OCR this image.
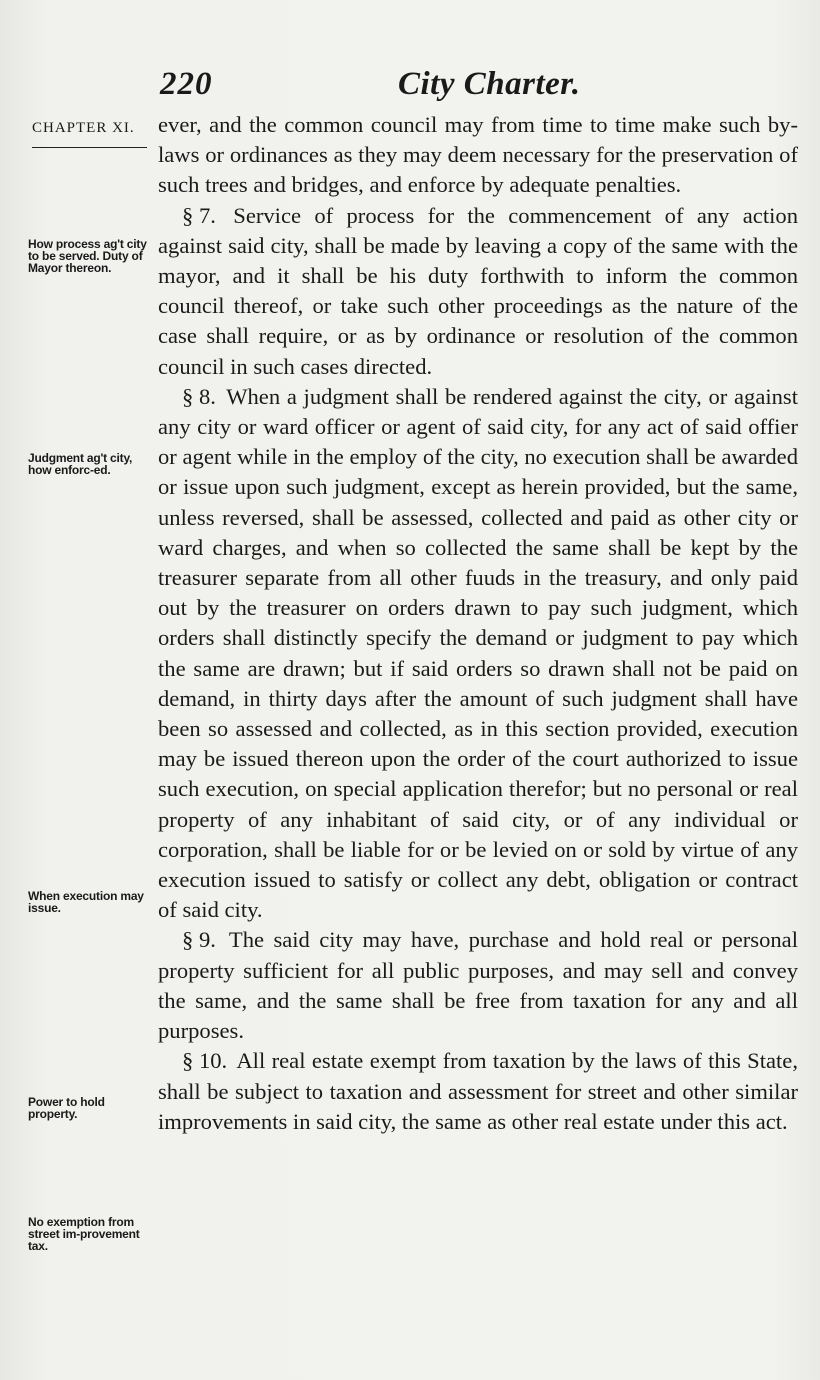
220	City Charter.
CHAPTER XI.
How process ag't city to be served. Duty of Mayor thereon.
Judgment ag't city, how enforc-ed.
When execution may issue.
Power to hold property.
No exemption from street im-provement tax.

ever, and the common council may from time to time make such by-laws or ordinances as they may deem necessary for the preservation of such trees and bridges, and enforce by adequate penalties.

§ 7. Service of process for the commencement of any action against said city, shall be made by leaving a copy of the same with the mayor, and it shall be his duty forthwith to inform the common council thereof, or take such other proceedings as the nature of the case shall require, or as by ordinance or resolution of the common council in such cases directed.

§ 8. When a judgment shall be rendered against the city, or against any city or ward officer or agent of said city, for any act of said offier or agent while in the employ of the city, no execution shall be awarded or issue upon such judgment, except as herein provided, but the same, unless reversed, shall be assessed, collected and paid as other city or ward charges, and when so collected the same shall be kept by the treasurer separate from all other fuuds in the treasury, and only paid out by the treasurer on orders drawn to pay such judgment, which orders shall distinctly specify the demand or judgment to pay which the same are drawn; but if said orders so drawn shall not be paid on demand, in thirty days after the amount of such judgment shall have been so assessed and collected, as in this section provided, execution may be issued thereon upon the order of the court authorized to issue such execution, on special application therefor; but no personal or real property of any inhabitant of said city, or of any individual or corporation, shall be liable for or be levied on or sold by virtue of any execution issued to satisfy or collect any debt, obligation or contract of said city.

§ 9. The said city may have, purchase and hold real or personal property sufficient for all public purposes, and may sell and convey the same, and the same shall be free from taxation for any and all purposes.

§ 10. All real estate exempt from taxation by the laws of this State, shall be subject to taxation and assessment for street and other similar improvements in said city, the same as other real estate under this act.
